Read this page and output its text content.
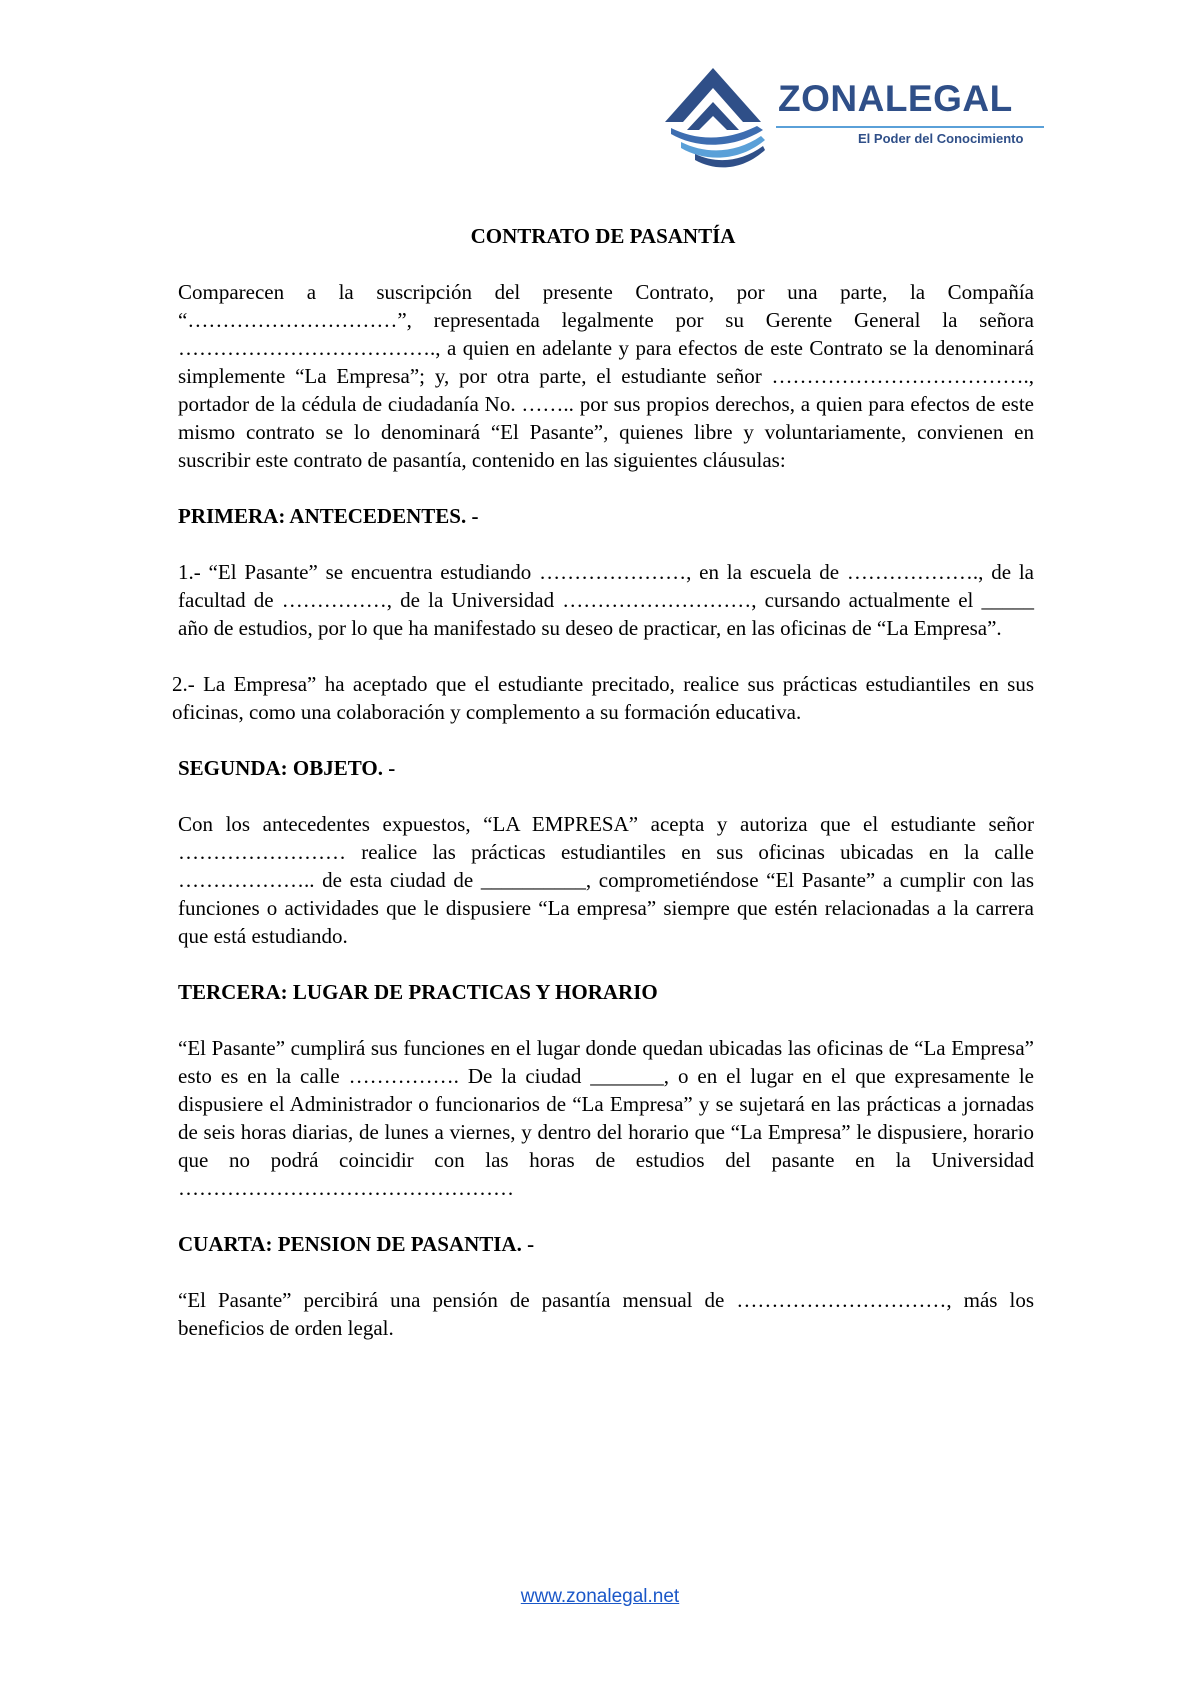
ZONALEGAL
El Poder del Conocimiento
CONTRATO DE PASANTÍA

Comparecen a la suscripción del presente Contrato, por una parte, la Compañía “…………………………”, representada legalmente por su Gerente General la señora ………………………………., a quien en adelante y para efectos de este Contrato se la denominará simplemente “La Empresa”; y, por otra parte, el estudiante señor ………………………………., portador de la cédula de ciudadanía No. …….. por sus propios derechos, a quien para efectos de este mismo contrato se lo denominará “El Pasante”, quienes libre y voluntariamente, convienen en suscribir este contrato de pasantía, contenido en las siguientes cláusulas:

PRIMERA: ANTECEDENTES. -

1.- “El Pasante” se encuentra estudiando …………………, en la escuela de ………………., de la facultad de ……………, de la Universidad ………………………, cursando actualmente el _____ año de estudios, por lo que ha manifestado su deseo de practicar, en las oficinas de “La Empresa”.

2.- La Empresa” ha aceptado que el estudiante precitado, realice sus prácticas estudiantiles en sus oficinas, como una colaboración y complemento a su formación educativa.

SEGUNDA: OBJETO. -

Con los antecedentes expuestos, “LA EMPRESA” acepta y autoriza que el estudiante señor …………………… realice las prácticas estudiantiles en sus oficinas ubicadas en la calle ……………….. de esta ciudad de __________, comprometiéndose “El Pasante” a cumplir con las funciones o actividades que le dispusiere “La empresa” siempre que estén relacionadas a la carrera que está estudiando.

TERCERA: LUGAR DE PRACTICAS Y HORARIO

“El Pasante” cumplirá sus funciones en el lugar donde quedan ubicadas las oficinas de “La Empresa” esto es en la calle ……………. De la ciudad _______, o en el lugar en el que expresamente le dispusiere el Administrador o funcionarios de “La Empresa” y se sujetará en las prácticas a jornadas de seis horas diarias, de lunes a viernes, y dentro del horario que “La Empresa” le dispusiere, horario que no podrá coincidir con las horas de estudios del pasante en la Universidad …………………………………………

CUARTA: PENSION DE PASANTIA. -

“El Pasante” percibirá una pensión de pasantía mensual de …………………………, más los beneficios de orden legal.

www.zonalegal.net
